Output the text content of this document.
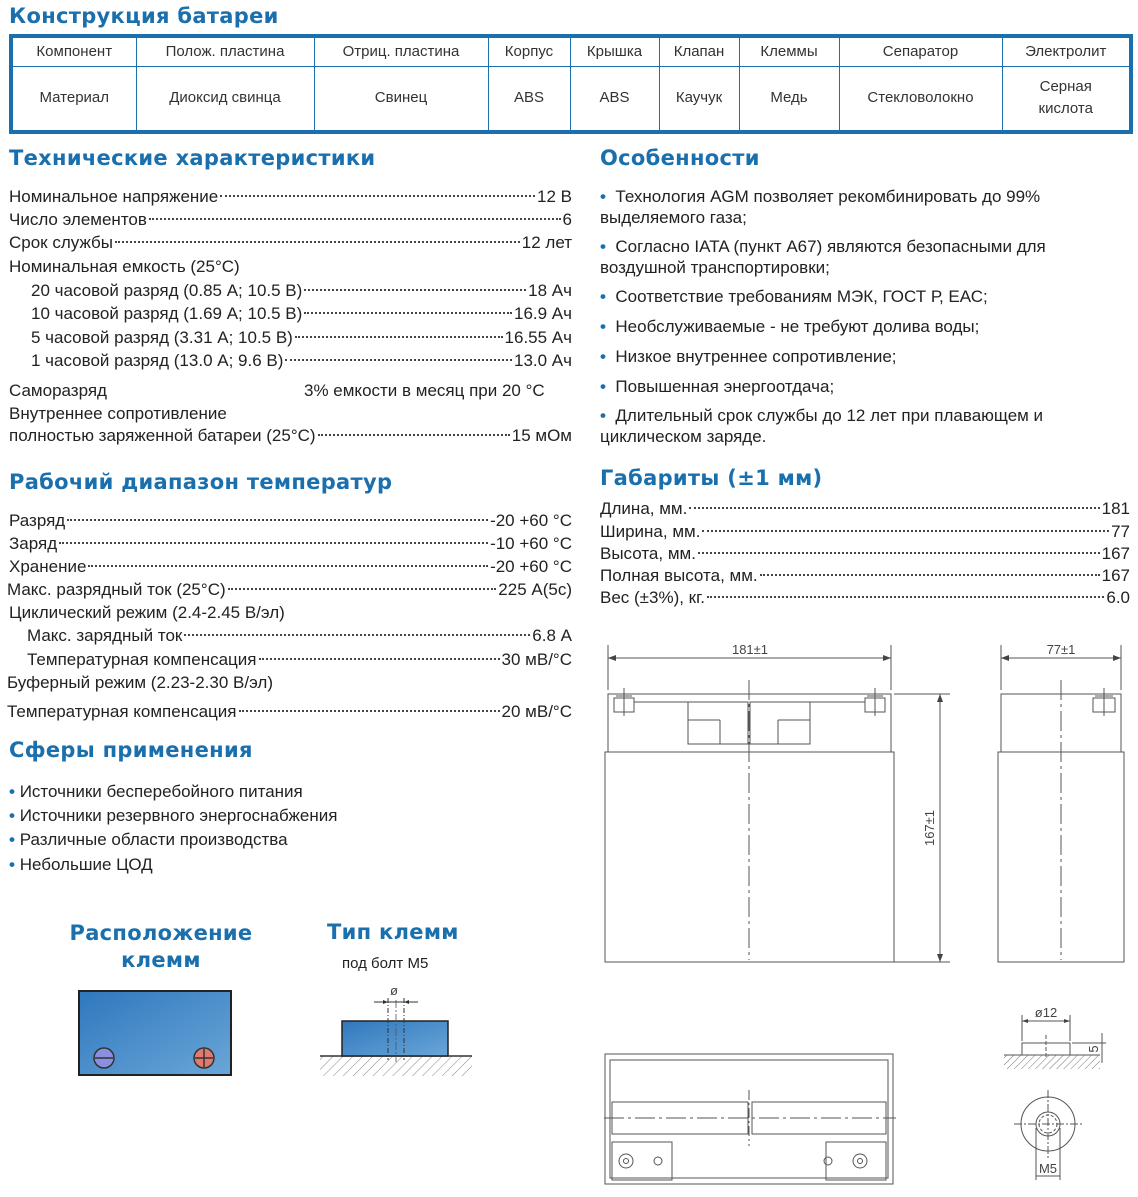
Конструкция батареи
Компонент	Полож. пластина	Отриц. пластина	Корпус	Крышка	Клапан	Клеммы	Сепаратор	Электролит
Материал	Диоксид свинца	Свинец	ABS	ABS	Каучук	Медь	Стекловолокно	Серная кислота
Технические характеристики
Номинальное напряжение	12 В
Число элементов	6
Срок службы	12 лет
Номинальная емкость (25°С)
20 часовой разряд (0.85 А; 10.5 В)	18 Ач
10 часовой разряд (1.69 А; 10.5 В)	16.9 Ач
5 часовой разряд (3.31 А; 10.5 В)	16.55 Ач
1 часовой разряд (13.0 А; 9.6 В)	13.0 Ач
Саморазряд	3% емкости в месяц при 20 °С
Внутреннее сопротивление
полностью заряженной батареи (25°С)	15 мОм
Рабочий диапазон температур
Разряд	-20 +60 °С
Заряд	-10 +60 °С
Хранение	-20 +60 °С
Макс. разрядный ток (25°С)	225 А(5с)
Циклический режим (2.4-2.45 В/эл)
Макс. зарядный ток	6.8 А
Температурная компенсация	30 мВ/°С
Буферный режим (2.23-2.30 В/эл)
Температурная компенсация	20 мВ/°С
Сферы применения
• Источники бесперебойного питания
• Источники резервного энергоснабжения
• Различные области производства
• Небольшие ЦОД
Расположение клемм
Тип клемм
под болт М5
ø
Особенности
• Технология AGM позволяет рекомбинировать до 99% выделяемого газа;
• Согласно IATA (пункт А67) являются безопасными для воздушной транспортировки;
• Соответствие требованиям МЭК, ГОСТ Р, ЕАС;
• Необслуживаемые - не требуют долива воды;
• Низкое внутреннее сопротивление;
• Повышенная энергоотдача;
• Длительный срок службы до 12 лет при плавающем и циклическом заряде.
Габариты (±1 мм)
Длина, мм.	181
Ширина, мм.	77
Высота, мм.	167
Полная высота, мм.	167
Вес (±3%), кг.	6.0
181±1
167±1
77±1
ø12
5
М5
